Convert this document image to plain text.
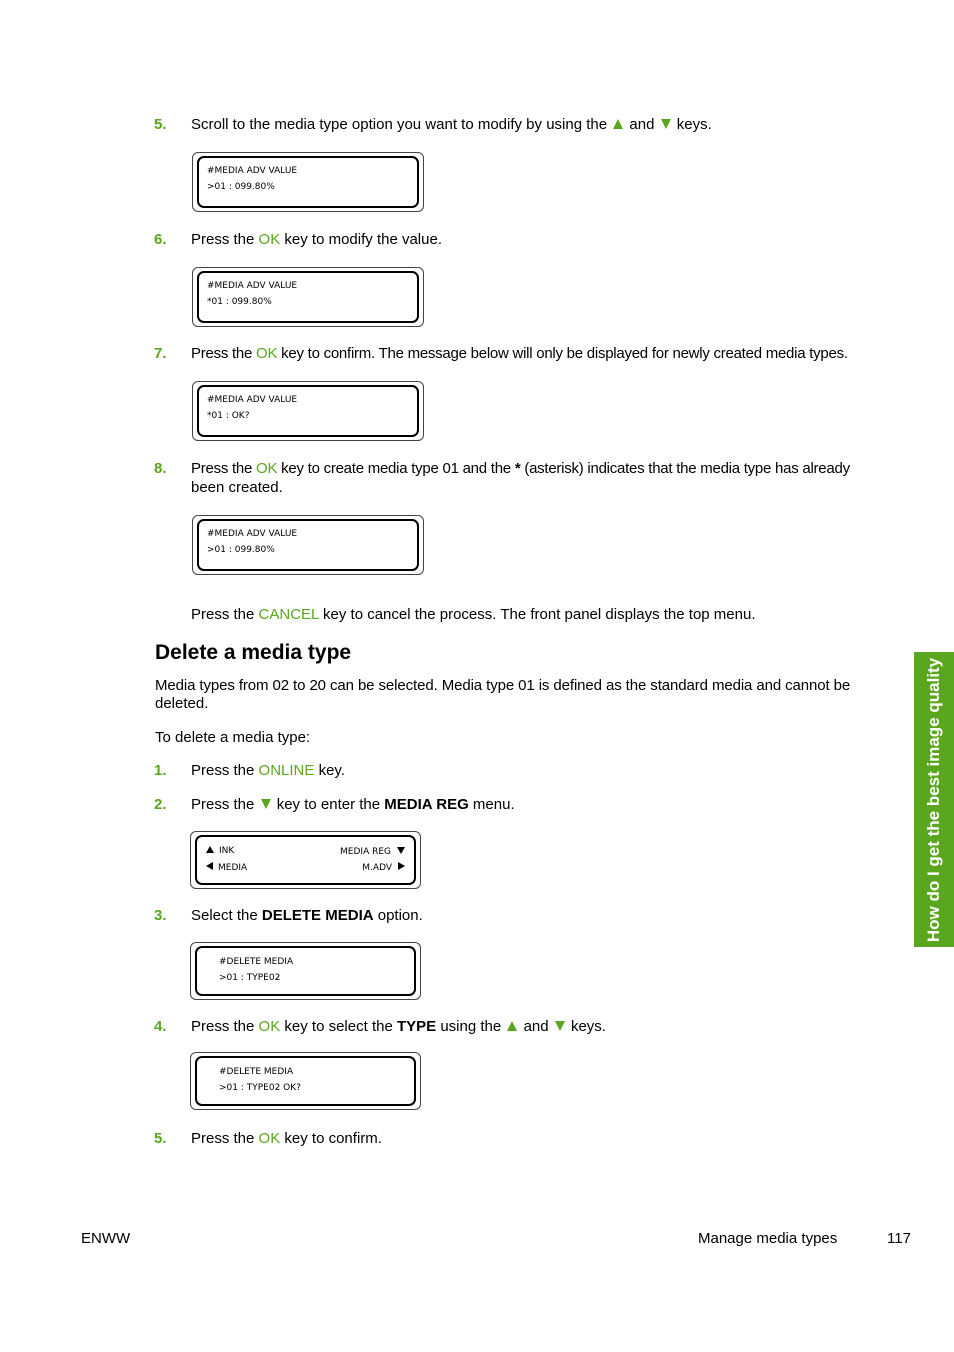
5. Scroll to the media type option you want to modify by using the and keys.
#MEDIA ADV VALUE
>01 : 099.80%
6. Press the OK key to modify the value.
#MEDIA ADV VALUE
*01 : 099.80%
7. Press the OK key to confirm. The message below will only be displayed for newly created media types.
#MEDIA ADV VALUE
*01 : OK?
8. Press the OK key to create media type 01 and the * (asterisk) indicates that the media type has already
been created.
#MEDIA ADV VALUE
>01 : 099.80%
Press the CANCEL key to cancel the process. The front panel displays the top menu.
Delete a media type
Media types from 02 to 20 can be selected. Media type 01 is defined as the standard media and cannot be
deleted.
To delete a media type:
1. Press the ONLINE key.
2. Press the key to enter the MEDIA REG menu.
INK
MEDIA
MEDIA REG
M.ADV
3. Select the DELETE MEDIA option.
#DELETE MEDIA
>01 : TYPE02
4. Press the OK key to select the TYPE using the and keys.
#DELETE MEDIA
>01 : TYPE02 OK?
5. Press the OK key to confirm.
How do I get the best image quality
ENWW	Manage media types	117
